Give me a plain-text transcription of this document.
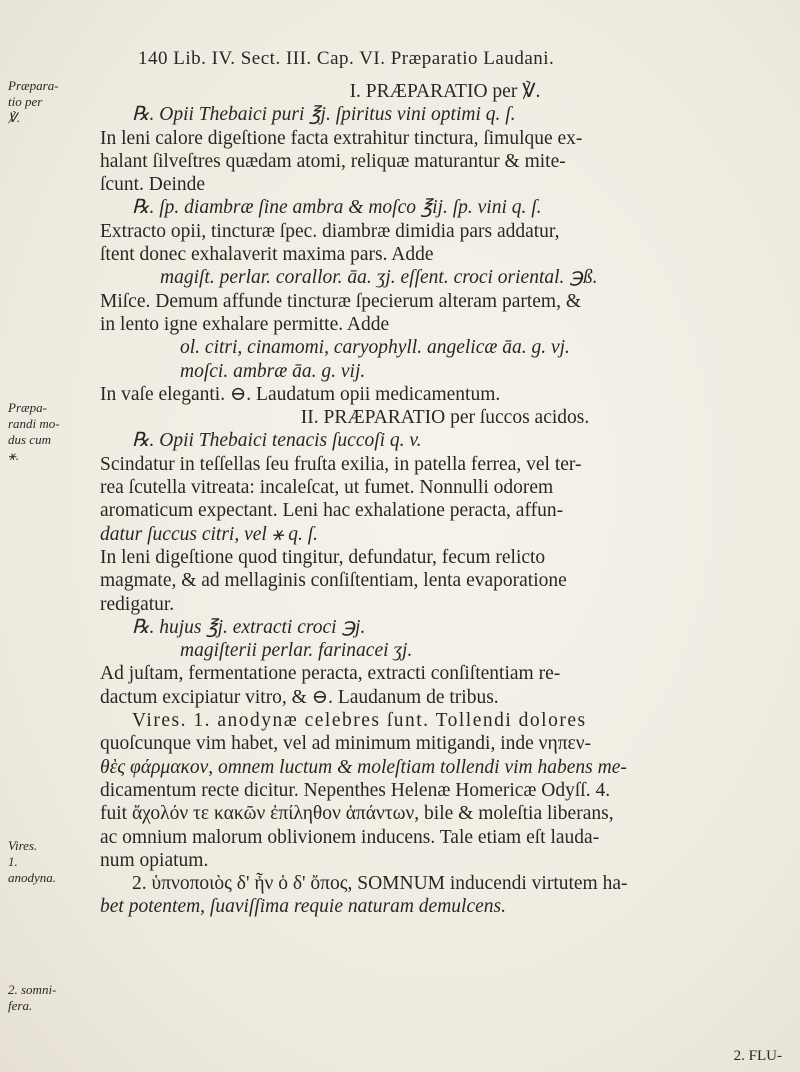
140 Lib. IV. Sect. III. Cap. VI. Præparatio Laudani.
Præpara-
tio per
℣.
Præpa-
randi mo-
dus cum
⚹.
Vires.
1.
anodyna.
2. somni-
fera.
I. PRÆPARATIO per ℣.
℞. Opii Thebaici puri ℥j. ſpiritus vini optimi q. ſ.
In leni calore digeſtione facta extrahitur tinctura, ſimulque ex-
halant ſilveſtres quædam atomi, reliquæ maturantur & mite-
ſcunt. Deinde
℞. ſp. diambræ ſine ambra & moſco ℥ij. ſp. vini q. ſ.
Extracto opii, tincturæ ſpec. diambræ dimidia pars addatur,
ſtent donec exhalaverit maxima pars. Adde
magiſt. perlar. corallor. āa. ʒj. eſſent. croci oriental. ℈ß.
Miſce. Demum affunde tincturæ ſpecierum alteram partem, &
in lento igne exhalare permitte. Adde
ol. citri, cinamomi, caryophyll. angelicæ āa. g. vj.
moſci. ambræ āa. g. vij.
In vaſe eleganti. ⊖. Laudatum opii medicamentum.
II. PRÆPARATIO per ſuccos acidos.
℞. Opii Thebaici tenacis ſuccoſi q. v.
Scindatur in teſſellas ſeu fruſta exilia, in patella ferrea, vel ter-
rea ſcutella vitreata: incaleſcat, ut fumet. Nonnulli odorem
aromaticum expectant. Leni hac exhalatione peracta, affun-
datur ſuccus citri, vel ⚹ q. ſ.
In leni digeſtione quod tingitur, defundatur, fecum relicto
magmate, & ad mellaginis conſiſtentiam, lenta evaporatione
redigatur.
℞. hujus ℥j. extracti croci ℈j.
magiſterii perlar. farinacei ʒj.
Ad juſtam, fermentatione peracta, extracti conſiſtentiam re-
dactum excipiatur vitro, & ⊖. Laudanum de tribus.
Vires. 1. anodynæ celebres ſunt. Tollendi dolores
quoſcunque vim habet, vel ad minimum mitigandi, inde νηπεν-
θὲς φάρμακον, omnem luctum & moleſtiam tollendi vim habens me-
dicamentum recte dicitur. Nepenthes Helenæ Homericæ Odyſſ. 4.
fuit ἄχολόν τε κακῶν ἐπίληθον ἁπάντων, bile & moleſtia liberans,
ac omnium malorum oblivionem inducens. Tale etiam eſt lauda-
num opiatum.
2. ὑπνοποιὸς δ' ἦν ὁ δ' ὄπος, SOMNUM inducendi virtutem ha-
bet potentem, ſuaviſſima requie naturam demulcens.
2. FLU-
